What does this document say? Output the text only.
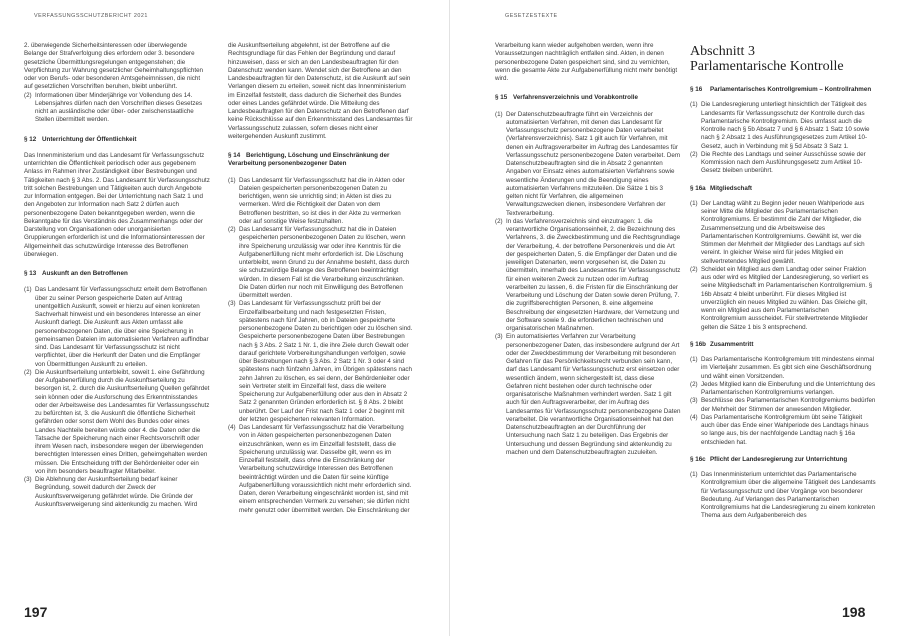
VERFASSUNGSSCHUTZBERICHT 2021

2. überwiegende Sicherheitsinteressen oder überwiegende Belange der Strafverfolgung dies erfordern oder 3. besondere gesetzliche Übermittlungsregelungen entgegenstehen; die Verpflichtung zur Wahrung gesetzlicher Geheimhaltungspflichten oder von Berufs- oder besonderen Amtsgeheimnissen, die nicht auf gesetzlichen Vorschriften beruhen, bleibt unberührt.

(2) Informationen über Minderjährige vor Vollendung des 14. Lebensjahres dürfen nach den Vorschriften dieses Gesetzes nicht an ausländische oder über- oder zwischenstaatliche Stellen übermittelt werden.
§ 12 Unterrichtung der Öffentlichkeit

Das Innenministerium und das Landesamt für Verfassungsschutz unterrichten die Öffentlichkeit periodisch oder aus gegebenem Anlass im Rahmen ihrer Zuständigkeit über Bestrebungen und Tätigkeiten nach § 3 Abs. 2. Das Landesamt für Verfassungsschutz tritt solchen Bestrebungen und Tätigkeiten auch durch Angebote zur Information entgegen. Bei der Unterrichtung nach Satz 1 und den Angeboten zur Information nach Satz 2 dürfen auch personenbezogene Daten bekanntgegeben werden, wenn die Bekanntgabe für das Verständnis des Zusammenhangs oder der Darstellung von Organisationen oder unorganisierten Gruppierungen erforderlich ist und die Informationsinteressen der Allgemeinheit das schutzwürdige Interesse des Betroffenen überwiegen.

§ 13 Auskunft an den Betroffenen
(1) Das Landesamt für Verfassungsschutz erteilt dem Betroffenen über zu seiner Person gespeicherte Daten auf Antrag unentgeltlich Auskunft, soweit er hierzu auf einen konkreten Sachverhalt hinweist und ein besonderes Interesse an einer Auskunft darlegt. Die Auskunft aus Akten umfasst alle personenbezogenen Daten, die über eine Speicherung in gemeinsamen Dateien im automatisierten Verfahren auffindbar sind. Das Landesamt für Verfassungsschutz ist nicht verpflichtet, über die Herkunft der Daten und die Empfänger von Übermittlungen Auskunft zu erteilen.
(2) Die Auskunftserteilung unterbleibt, soweit 1. eine Gefährdung der Aufgabenerfüllung durch die Auskunftserteilung zu besorgen ist, 2. durch die Auskunftserteilung Quellen gefährdet sein können oder die Ausforschung des Erkenntnisstandes oder der Arbeitsweise des Landesamtes für Verfassungsschutz zu befürchten ist, 3. die Auskunft die öffentliche Sicherheit gefährden oder sonst dem Wohl des Bundes oder eines Landes Nachteile bereiten würde oder 4. die Daten oder die Tatsache der Speicherung nach einer Rechtsvorschrift oder ihrem Wesen nach, insbesondere wegen der überwiegenden berechtigten Interessen eines Dritten, geheimgehalten werden müssen. Die Entscheidung trifft der Behördenleiter oder ein von ihm besonders beauftragter Mitarbeiter.
(3) Die Ablehnung der Auskunftserteilung bedarf keiner Begründung, soweit dadurch der Zweck der Auskunftsverweigerung gefährdet würde. Die Gründe der Auskunftsverweigerung sind aktenkundig zu machen. Wird

die Auskunftserteilung abgelehnt, ist der Betroffene auf die Rechtsgrundlage für das Fehlen der Begründung und darauf hinzuweisen, dass er sich an den Landesbeauftragten für den Datenschutz wenden kann. Wendet sich der Betroffene an den Landesbeauftragten für den Datenschutz, ist die Auskunft auf sein Verlangen diesem zu erteilen, soweit nicht das Innenministerium im Einzelfall feststellt, dass dadurch die Sicherheit des Bundes oder eines Landes gefährdet würde. Die Mitteilung des Landesbeauftragten für den Datenschutz an den Betroffenen darf keine Rückschlüsse auf den Erkenntnisstand des Landesamtes für Verfassungsschutz zulassen, sofern dieses nicht einer weitergehenden Auskunft zustimmt.

§ 14 Berichtigung, Löschung und Einschränkung der Verarbeitung personenbezogener Daten
(1) Das Landesamt für Verfassungsschutz hat die in Akten oder Dateien gespeicherten personenbezogenen Daten zu berichtigen, wenn sie unrichtig sind; in Akten ist dies zu vermerken. Wird die Richtigkeit der Daten von dem Betroffenen bestritten, so ist dies in der Akte zu vermerken oder auf sonstige Weise festzuhalten.
(2) Das Landesamt für Verfassungsschutz hat die in Dateien gespeicherten personenbezogenen Daten zu löschen, wenn ihre Speicherung unzulässig war oder ihre Kenntnis für die Aufgabenerfüllung nicht mehr erforderlich ist. Die Löschung unterbleibt, wenn Grund zu der Annahme besteht, dass durch sie schutzwürdige Belange des Betroffenen beeinträchtigt würden. In diesem Fall ist die Verarbeitung einzuschränken. Die Daten dürfen nur noch mit Einwilligung des Betroffenen übermittelt werden.
(3) Das Landesamt für Verfassungsschutz prüft bei der Einzelfallbearbeitung und nach festgesetzten Fristen, spätestens nach fünf Jahren, ob in Dateien gespeicherte personenbezogene Daten zu berichtigen oder zu löschen sind. Gespeicherte personenbezogene Daten über Bestrebungen nach § 3 Abs. 2 Satz 1 Nr. 1, die ihre Ziele durch Gewalt oder darauf gerichtete Vorbereitungshandlungen verfolgen, sowie über Bestrebungen nach § 3 Abs. 2 Satz 1 Nr. 3 oder 4 sind spätestens nach fünfzehn Jahren, im Übrigen spätestens nach zehn Jahren zu löschen, es sei denn, der Behördenleiter oder sein Vertreter stellt im Einzelfall fest, dass die weitere Speicherung zur Aufgabenerfüllung oder aus den in Absatz 2 Satz 2 genannten Gründen erforderlich ist. § 8 Abs. 2 bleibt unberührt. Der Lauf der Frist nach Satz 1 oder 2 beginnt mit der letzten gespeicherten relevanten Information.
(4) Das Landesamt für Verfassungsschutz hat die Verarbeitung von in Akten gespeicherten personenbezogenen Daten einzuschränken, wenn es im Einzelfall feststellt, dass die Speicherung unzulässig war. Dasselbe gilt, wenn es im Einzelfall feststellt, dass ohne die Einschränkung der Verarbeitung schutzwürdige Interessen des Betroffenen beeinträchtigt würden und die Daten für seine künftige Aufgabenerfüllung voraussichtlich nicht mehr erforderlich sind. Daten, deren Verarbeitung eingeschränkt worden ist, sind mit einem entsprechenden Vermerk zu versehen; sie dürfen nicht mehr genutzt oder übermittelt werden. Die Einschränkung der
197
GESETZESTEXTE

Verarbeitung kann wieder aufgehoben werden, wenn ihre Voraussetzungen nachträglich entfallen sind. Akten, in denen personenbezogene Daten gespeichert sind, sind zu vernichten, wenn die gesamte Akte zur Aufgabenerfüllung nicht mehr benötigt wird.

§ 15 Verfahrensverzeichnis und Vorabkontrolle
(1) Der Datenschutzbeauftragte führt ein Verzeichnis der automatisierten Verfahren, mit denen das Landesamt für Verfassungsschutz personenbezogene Daten verarbeitet (Verfahrensverzeichnis). Satz 1 gilt auch für Verfahren, mit denen ein Auftragsverarbeiter im Auftrag des Landesamtes für Verfassungsschutz personenbezogene Daten verarbeitet. Dem Datenschutzbeauftragten sind die in Absatz 2 genannten Angaben vor Einsatz eines automatisierten Verfahrens sowie wesentliche Änderungen und die Beendigung eines automatisierten Verfahrens mitzuteilen. Die Sätze 1 bis 3 gelten nicht für Verfahren, die allgemeinen Verwaltungszwecken dienen, insbesondere Verfahren der Textverarbeitung.
(2) In das Verfahrensverzeichnis sind einzutragen: 1. die verantwortliche Organisationseinheit, 2. die Bezeichnung des Verfahrens, 3. die Zweckbestimmung und die Rechtsgrundlage der Verarbeitung, 4. der betroffene Personenkreis und die Art der gespeicherten Daten, 5. die Empfänger der Daten und die jeweiligen Datenarten, wenn vorgesehen ist, die Daten zu übermitteln, innerhalb des Landesamtes für Verfassungsschutz für einen weiteren Zweck zu nutzen oder im Auftrag verarbeiten zu lassen, 6. die Fristen für die Einschränkung der Verarbeitung und Löschung der Daten sowie deren Prüfung, 7. die zugriffsberechtigten Personen, 8. eine allgemeine Beschreibung der eingesetzten Hardware, der Vernetzung und der Software sowie 9. die erforderlichen technischen und organisatorischen Maßnahmen.
(3) Ein automatisiertes Verfahren zur Verarbeitung personenbezogener Daten, das insbesondere aufgrund der Art oder der Zweckbestimmung der Verarbeitung mit besonderen Gefahren für das Persönlichkeitsrecht verbunden sein kann, darf das Landesamt für Verfassungsschutz erst einsetzen oder wesentlich ändern, wenn sichergestellt ist, dass diese Gefahren nicht bestehen oder durch technische oder organisatorische Maßnahmen verhindert werden. Satz 1 gilt auch für den Auftragsverarbeiter, der im Auftrag des Landesamtes für Verfassungsschutz personenbezogene Daten verarbeitet. Die verantwortliche Organisationseinheit hat den Datenschutzbeauftragten an der Durchführung der Untersuchung nach Satz 1 zu beteiligen. Das Ergebnis der Untersuchung und dessen Begründung sind aktenkundig zu machen und dem Datenschutzbeauftragten zuzuleiten.
Abschnitt 3
Parlamentarische Kontrolle
§ 16	Parlamentarisches Kontrollgremium – Kontrollrahmen
(1) Die Landesregierung unterliegt hinsichtlich der Tätigkeit des Landesamts für Verfassungsschutz der Kontrolle durch das Parlamentarische Kontrollgremium. Dies umfasst auch die Kontrolle nach § 5b Absatz 7 und § 6 Absatz 1 Satz 10 sowie nach § 2 Absatz 1 des Ausführungsgesetzes zum Artikel 10-Gesetz, auch in Verbindung mit § 5d Absatz 3 Satz 1.
(2) Die Rechte des Landtags und seiner Ausschüsse sowie der Kommission nach dem Ausführungsgesetz zum Artikel 10-Gesetz bleiben unberührt.
§ 16a Mitgliedschaft
(1) Der Landtag wählt zu Beginn jeder neuen Wahlperiode aus seiner Mitte die Mitglieder des Parlamentarischen Kontrollgremiums. Er bestimmt die Zahl der Mitglieder, die Zusammensetzung und die Arbeitsweise des Parlamentarischen Kontrollgremiums. Gewählt ist, wer die Stimmen der Mehrheit der Mitglieder des Landtags auf sich vereint. In gleicher Weise wird für jedes Mitglied ein stellvertretendes Mitglied gewählt.
(2) Scheidet ein Mitglied aus dem Landtag oder seiner Fraktion aus oder wird es Mitglied der Landesregierung, so verliert es seine Mitgliedschaft im Parlamentarischen Kontrollgremium. § 16b Absatz 4 bleibt unberührt. Für dieses Mitglied ist unverzüglich ein neues Mitglied zu wählen. Das Gleiche gilt, wenn ein Mitglied aus dem Parlamentarischen Kontrollgremium ausscheidet. Für stellvertretende Mitglieder gelten die Sätze 1 bis 3 entsprechend.
§ 16b Zusammentritt
(1) Das Parlamentarische Kontrollgremium tritt mindestens einmal im Vierteljahr zusammen. Es gibt sich eine Geschäftsordnung und wählt einen Vorsitzenden.
(2) Jedes Mitglied kann die Einberufung und die Unterrichtung des Parlamentarischen Kontrollgremiums verlangen.
(3) Beschlüsse des Parlamentarischen Kontrollgremiums bedürfen der Mehrheit der Stimmen der anwesenden Mitglieder.
(4) Das Parlamentarische Kontrollgremium übt seine Tätigkeit auch über das Ende einer Wahlperiode des Landtags hinaus so lange aus, bis der nachfolgende Landtag nach § 16a entschieden hat.
§ 16c Pflicht der Landesregierung zur Unterrichtung
(1) Das Innenministerium unterrichtet das Parlamentarische Kontrollgremium über die allgemeine Tätigkeit des Landesamts für Verfassungsschutz und über Vorgänge von besonderer Bedeutung. Auf Verlangen des Parlamentarischen Kontrollgremiums hat die Landesregierung zu einem konkreten Thema aus dem Aufgabenbereich des
198
